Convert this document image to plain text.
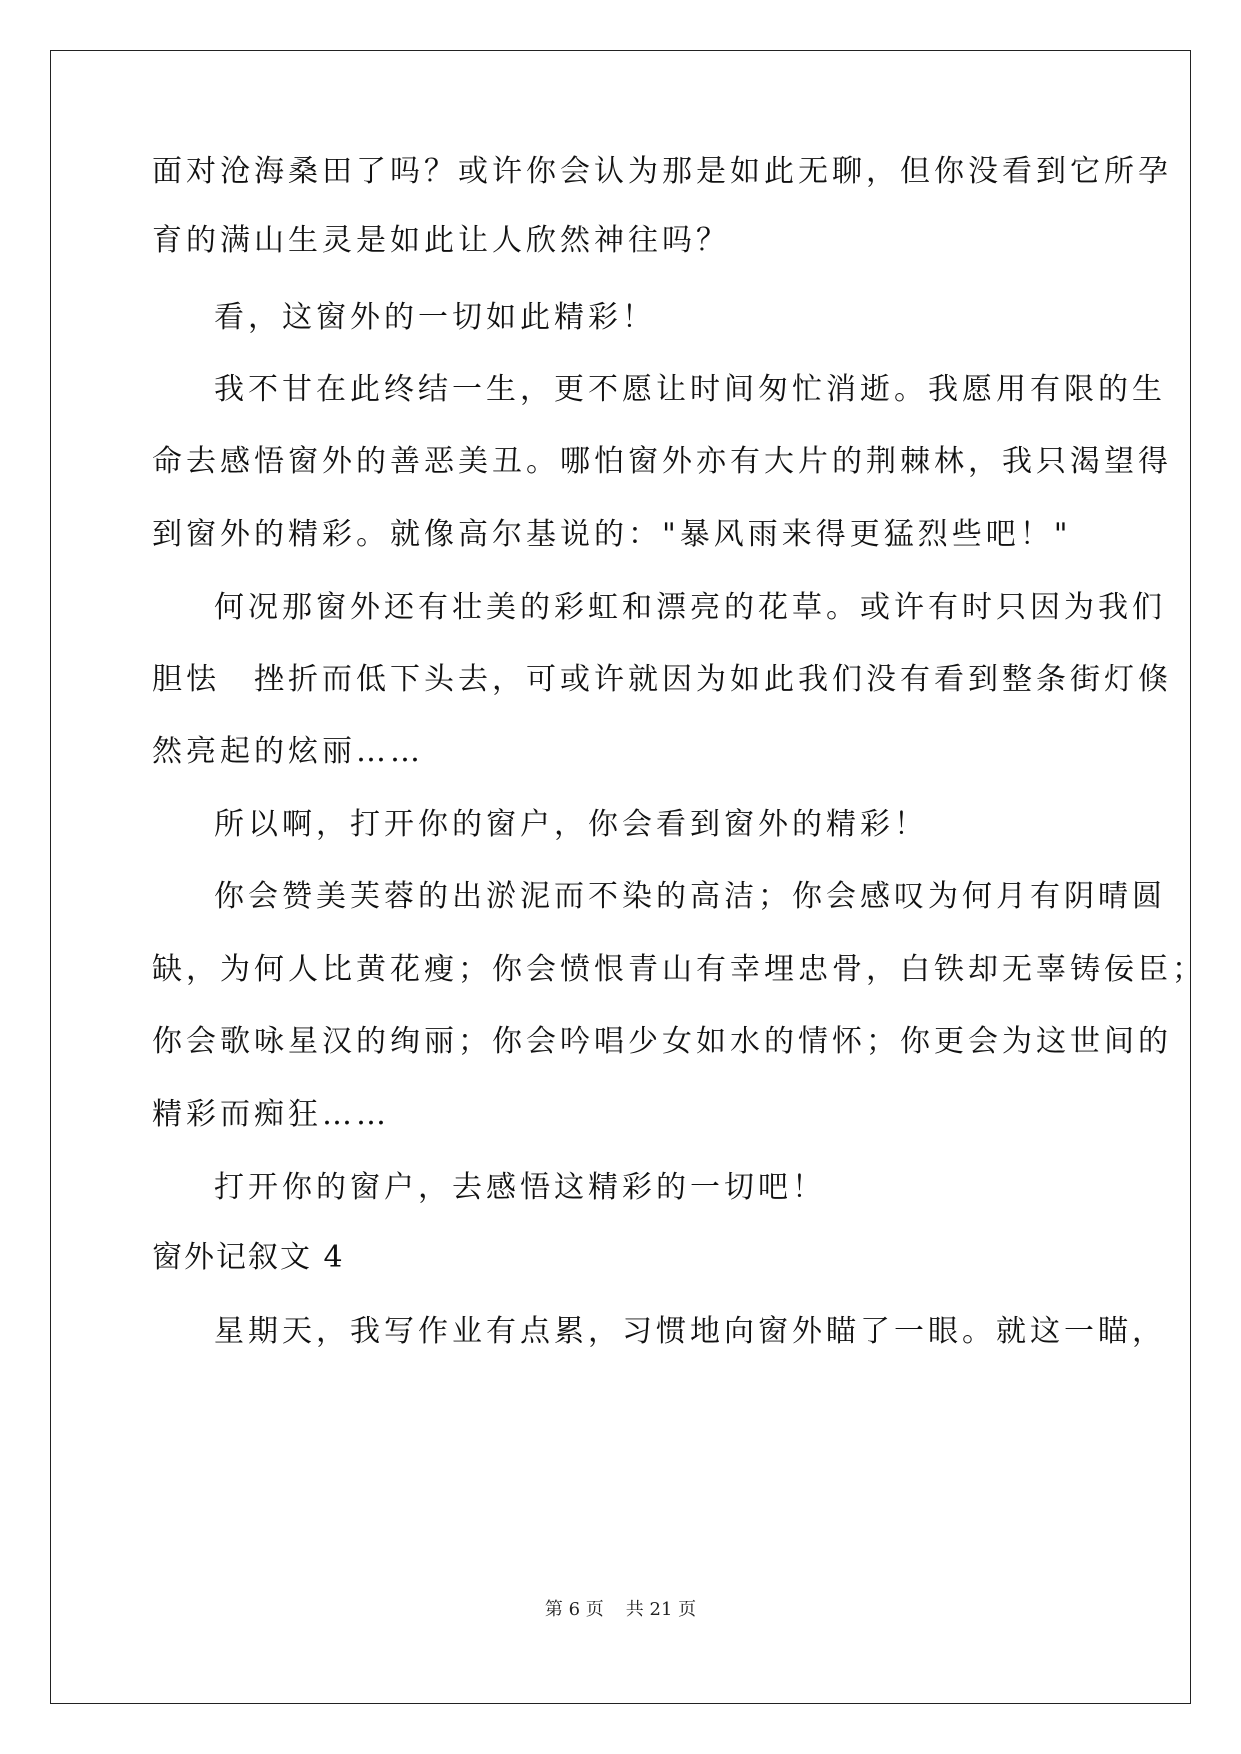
面对沧海桑田了吗？或许你会认为那是如此无聊，但你没看到它所孕
育的满山生灵是如此让人欣然神往吗？
看，这窗外的一切如此精彩！
我不甘在此终结一生，更不愿让时间匆忙消逝。我愿用有限的生
命去感悟窗外的善恶美丑。哪怕窗外亦有大片的荆棘林，我只渴望得
到窗外的精彩。就像高尔基说的："暴风雨来得更猛烈些吧！"
何况那窗外还有壮美的彩虹和漂亮的花草。或许有时只因为我们
胆怯　挫折而低下头去，可或许就因为如此我们没有看到整条街灯倏
然亮起的炫丽……
所以啊，打开你的窗户，你会看到窗外的精彩！
你会赞美芙蓉的出淤泥而不染的高洁；你会感叹为何月有阴晴圆
缺，为何人比黄花瘦；你会愤恨青山有幸埋忠骨，白铁却无辜铸佞臣；
你会歌咏星汉的绚丽；你会吟唱少女如水的情怀；你更会为这世间的
精彩而痴狂……
打开你的窗户，去感悟这精彩的一切吧！
窗外记叙文 4
星期天，我写作业有点累，习惯地向窗外瞄了一眼。就这一瞄，
第 6 页 共 21 页
